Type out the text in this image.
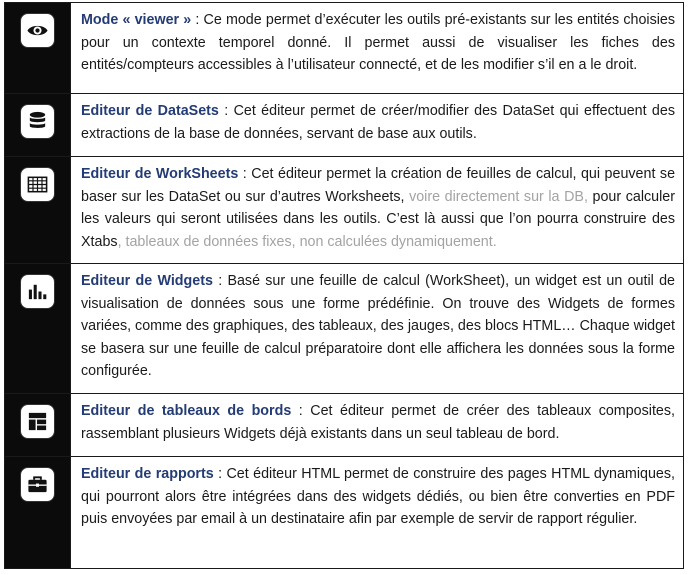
Mode « viewer » : Ce mode permet d’exécuter les outils pré-existants sur les entités choisies pour un contexte temporel donné. Il permet aussi de visualiser les fiches des entités/compteurs accessibles à l’utilisateur connecté, et de les modifier s’il en a le droit.
Editeur de DataSets : Cet éditeur permet de créer/modifier des DataSet qui effectuent des extractions de la base de données, servant de base aux outils.
Editeur de WorkSheets : Cet éditeur permet la création de feuilles de calcul, qui peuvent se baser sur les DataSet ou sur d’autres Worksheets, voire directement sur la DB, pour calculer les valeurs qui seront utilisées dans les outils. C’est là aussi que l’on pourra construire des Xtabs, tableaux de données fixes, non calculées dynamiquement.
Editeur de Widgets : Basé sur une feuille de calcul (WorkSheet), un widget est un outil de visualisation de données sous une forme prédéfinie. On trouve des Widgets de formes variées, comme des graphiques, des tableaux, des jauges, des blocs HTML… Chaque widget se basera sur une feuille de calcul préparatoire dont elle affichera les données sous la forme configurée.
Editeur de tableaux de bords : Cet éditeur permet de créer des tableaux composites, rassemblant plusieurs Widgets déjà existants dans un seul tableau de bord.
Editeur de rapports : Cet éditeur HTML permet de construire des pages HTML dynamiques, qui pourront alors être intégrées dans des widgets dédiés, ou bien être converties en PDF puis envoyées par email à un destinataire afin par exemple de servir de rapport régulier.
